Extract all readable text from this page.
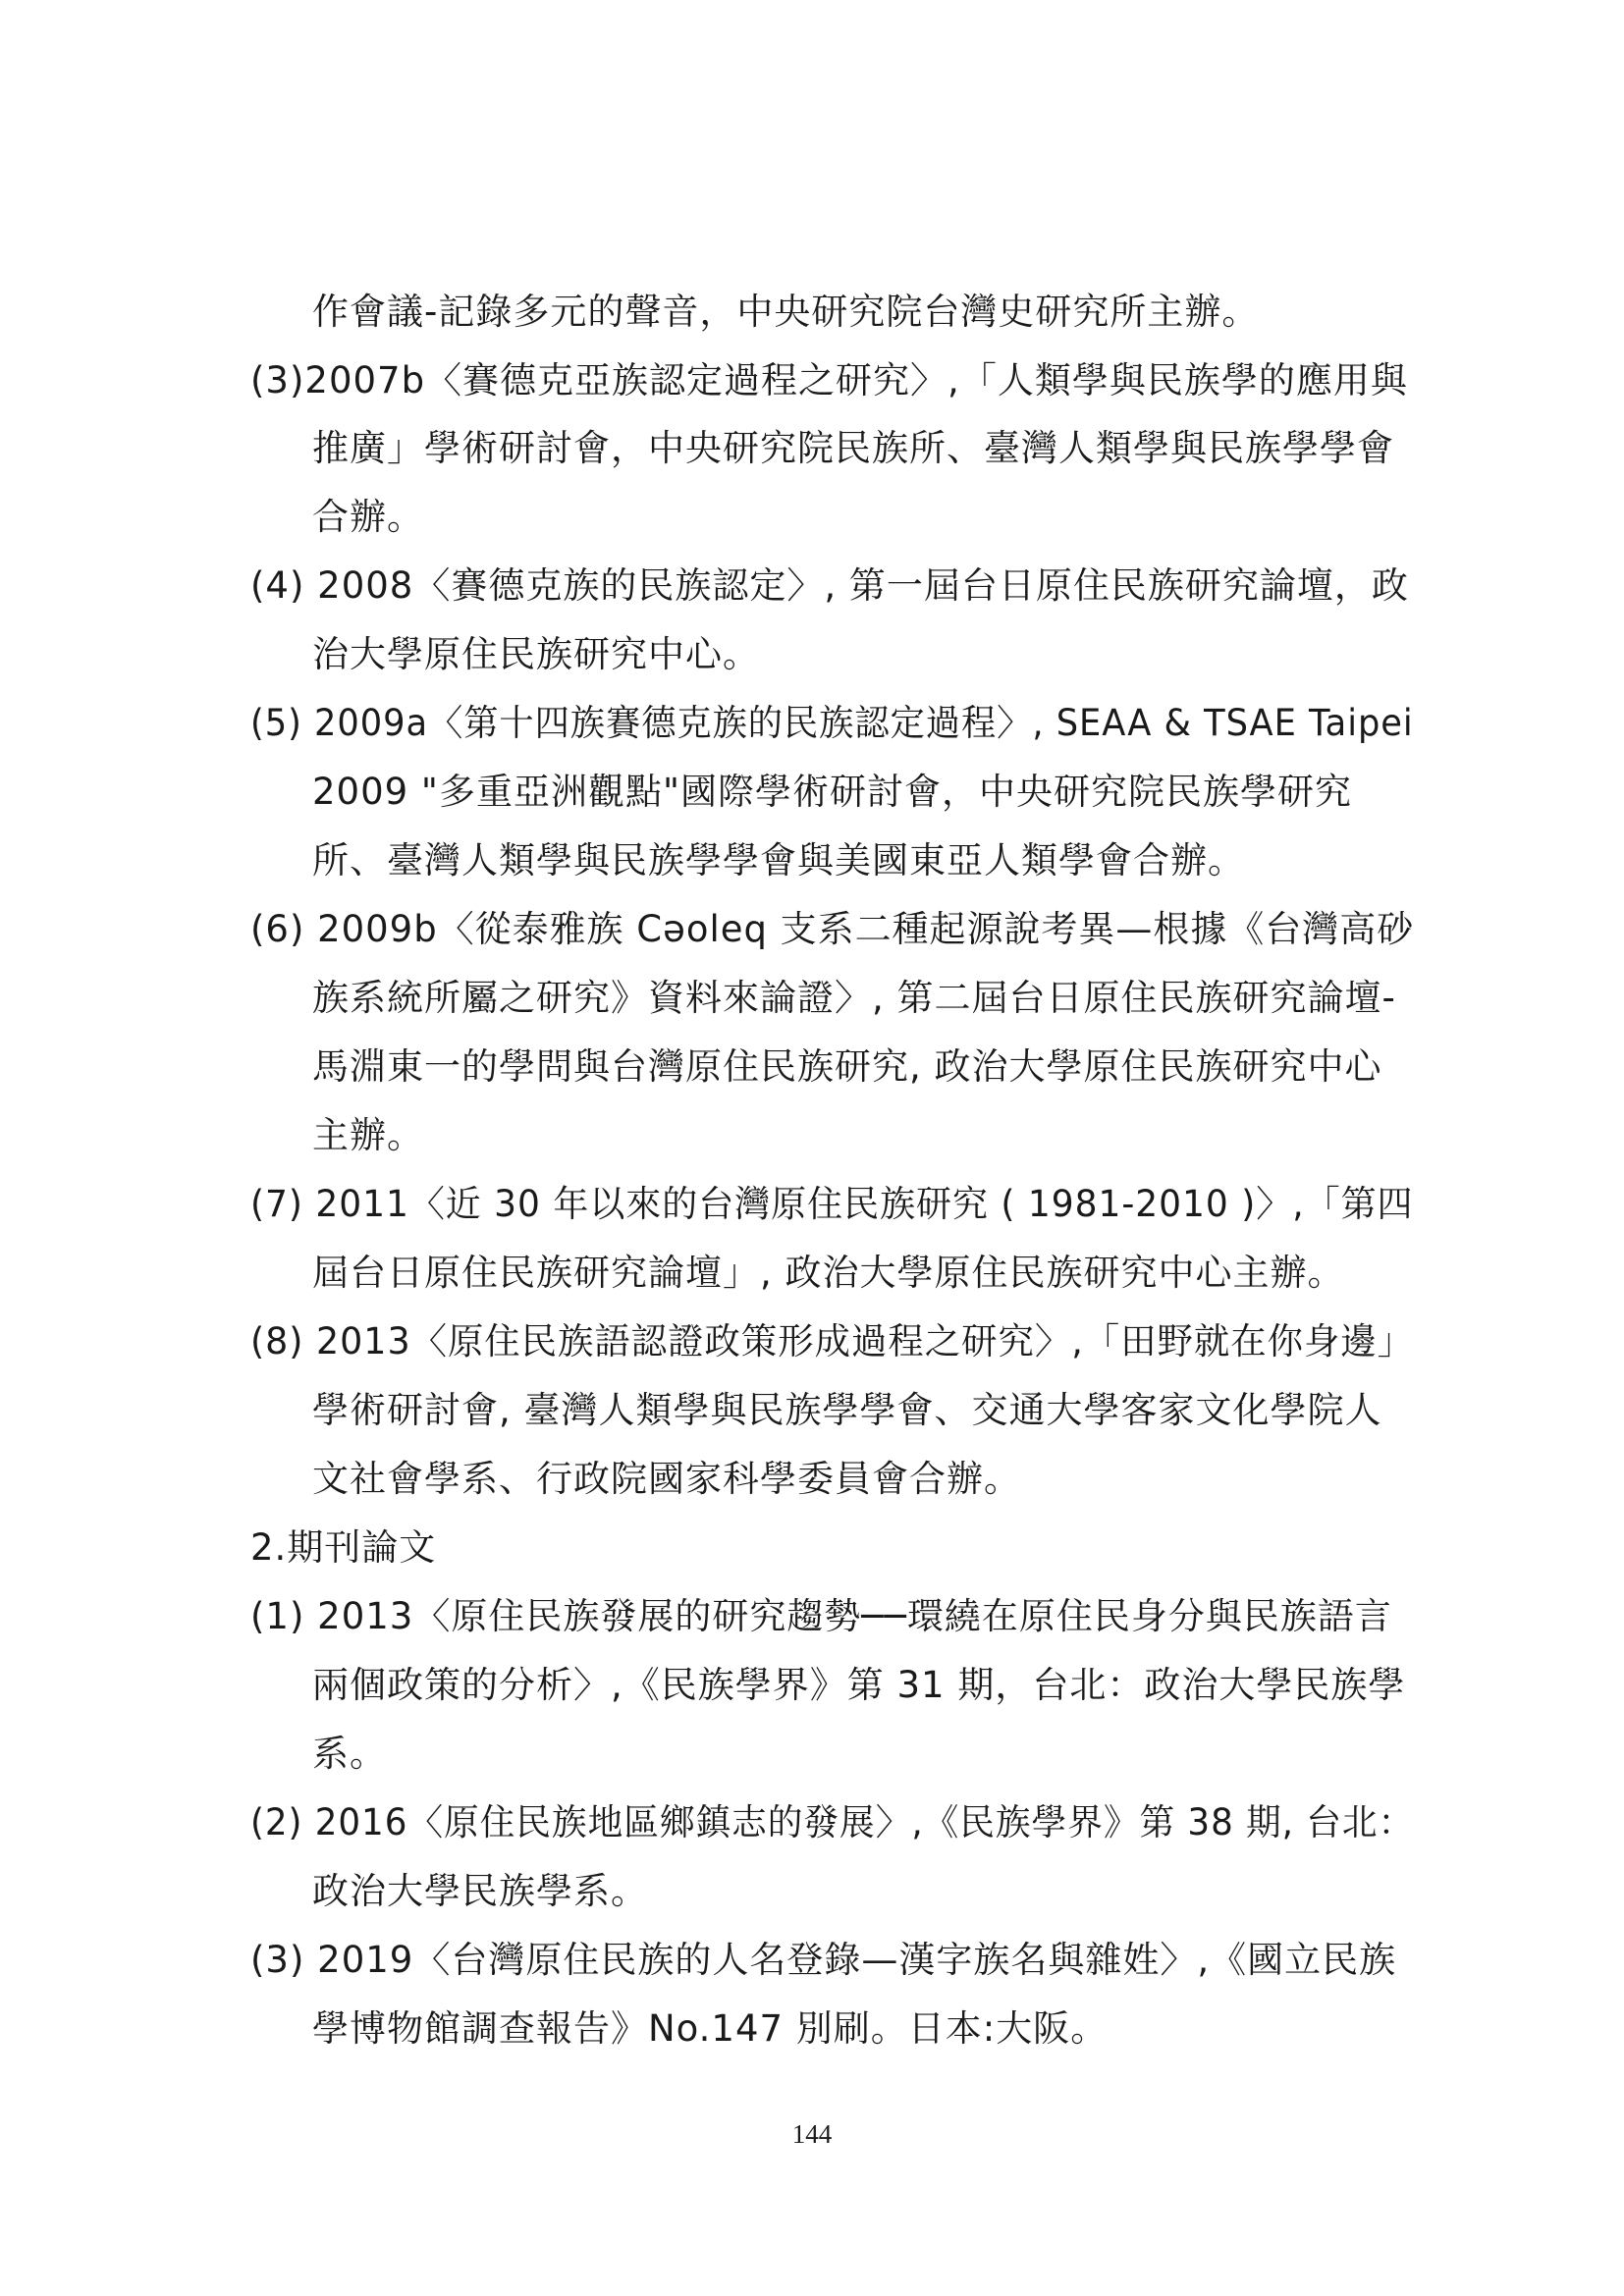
作會議-記錄多元的聲音，中央研究院台灣史研究所主辦。
(3)2007b〈賽德克亞族認定過程之研究〉,「人類學與民族學的應用與
推廣」學術研討會，中央研究院民族所、臺灣人類學與民族學學會
合辦。
(4) 2008〈賽德克族的民族認定〉, 第一屆台日原住民族研究論壇，政
治大學原住民族研究中心。
(5) 2009a〈第十四族賽德克族的民族認定過程〉, SEAA & TSAE Taipei
2009 "多重亞洲觀點"國際學術研討會，中央研究院民族學研究
所、臺灣人類學與民族學學會與美國東亞人類學會合辦。
(6) 2009b〈從泰雅族 Cəoleq 支系二種起源說考異—根據《台灣高砂
族系統所屬之研究》資料來論證〉, 第二屆台日原住民族研究論壇-
馬淵東一的學問與台灣原住民族研究, 政治大學原住民族研究中心
主辦。
(7) 2011〈近 30 年以來的台灣原住民族研究 ( 1981-2010 )〉,「第四
屆台日原住民族研究論壇」, 政治大學原住民族研究中心主辦。
(8) 2013〈原住民族語認證政策形成過程之研究〉,「田野就在你身邊」
學術研討會, 臺灣人類學與民族學學會、交通大學客家文化學院人
文社會學系、行政院國家科學委員會合辦。
2.期刊論文
(1) 2013〈原住民族發展的研究趨勢──環繞在原住民身分與民族語言
兩個政策的分析〉,《民族學界》第 31 期，台北：政治大學民族學
系。
(2) 2016〈原住民族地區鄉鎮志的發展〉,《民族學界》第 38 期, 台北：
政治大學民族學系。
(3) 2019〈台灣原住民族的人名登錄—漢字族名與雜姓〉,《國立民族
學博物館調查報告》No.147 別刷。日本:大阪。
144
